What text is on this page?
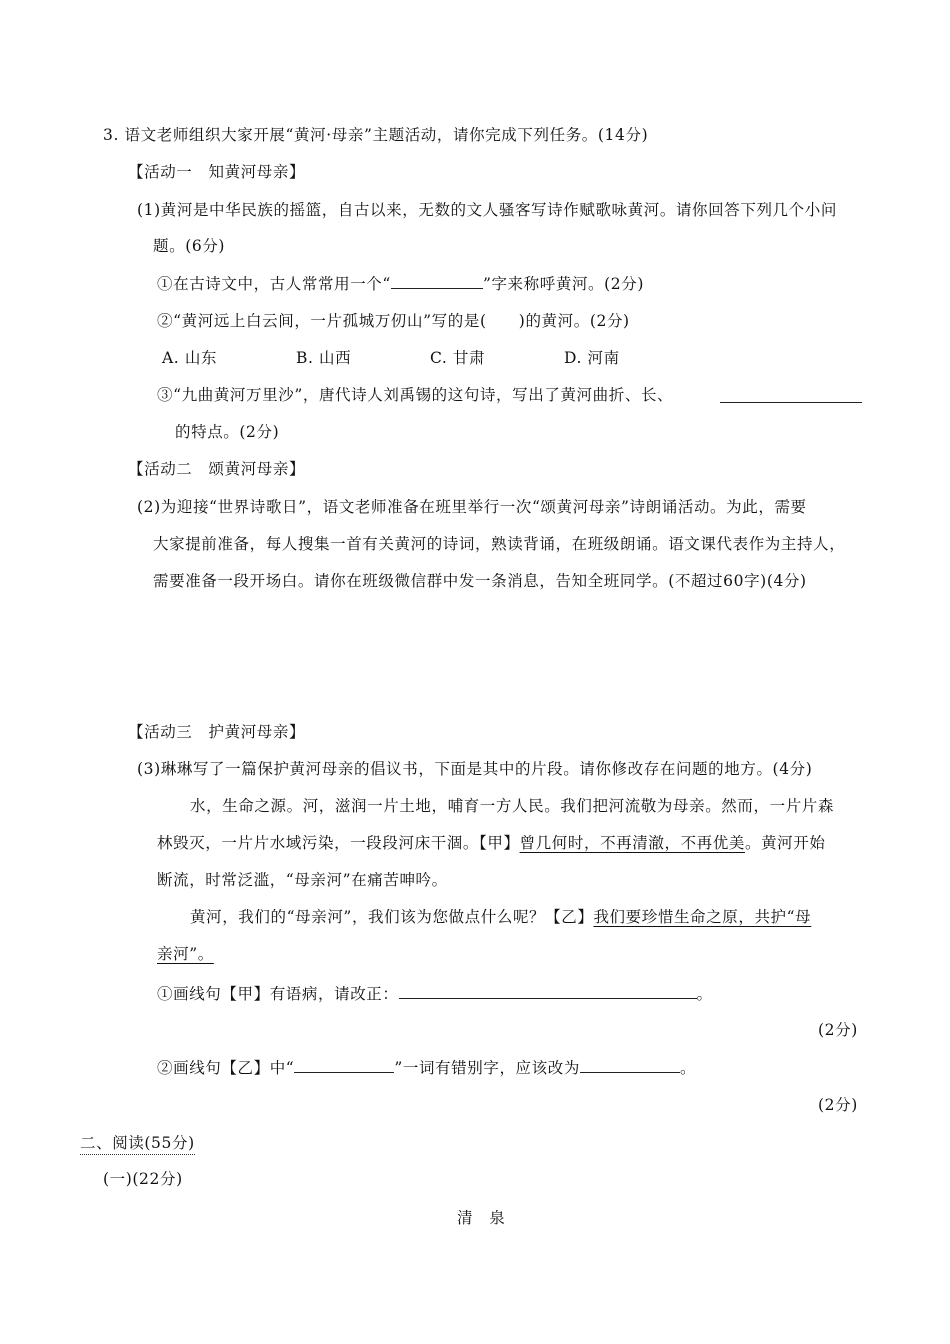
3. 语文老师组织大家开展“黄河·母亲”主题活动，请你完成下列任务。(14分)
【活动一　知黄河母亲】
(1)黄河是中华民族的摇篮，自古以来，无数的文人骚客写诗作赋歌咏黄河。请你回答下列几个小问
题。(6分)
①在古诗文中，古人常常用一个“	”字来称呼黄河。(2分)
②“黄河远上白云间，一片孤城万仞山”写的是(　　)的黄河。(2分)
A. 山东	B. 山西	C. 甘肃	D. 河南
③“九曲黄河万里沙”，唐代诗人刘禹锡的这句诗，写出了黄河曲折、长、
的特点。(2分)
【活动二　颂黄河母亲】
(2)为迎接“世界诗歌日”，语文老师准备在班里举行一次“颂黄河母亲”诗朗诵活动。为此，需要
大家提前准备，每人搜集一首有关黄河的诗词，熟读背诵，在班级朗诵。语文课代表作为主持人，
需要准备一段开场白。请你在班级微信群中发一条消息，告知全班同学。(不超过60字)(4分)
【活动三　护黄河母亲】
(3)琳琳写了一篇保护黄河母亲的倡议书，下面是其中的片段。请你修改存在问题的地方。(4分)
水，生命之源。河，滋润一片土地，哺育一方人民。我们把河流敬为母亲。然而，一片片森
林毁灭，一片片水域污染，一段段河床干涸。【甲】曾几何时，不再清澈，不再优美。黄河开始
断流，时常泛滥，“母亲河”在痛苦呻吟。
黄河，我们的“母亲河”，我们该为您做点什么呢？【乙】我们要珍惜生命之原，共护“母
亲河”。
①画线句【甲】有语病，请改正：	。
(2分)
②画线句【乙】中“	”一词有错别字，应该改为	。
(2分)
二、阅读(55分)
(一)(22分)
清　泉
